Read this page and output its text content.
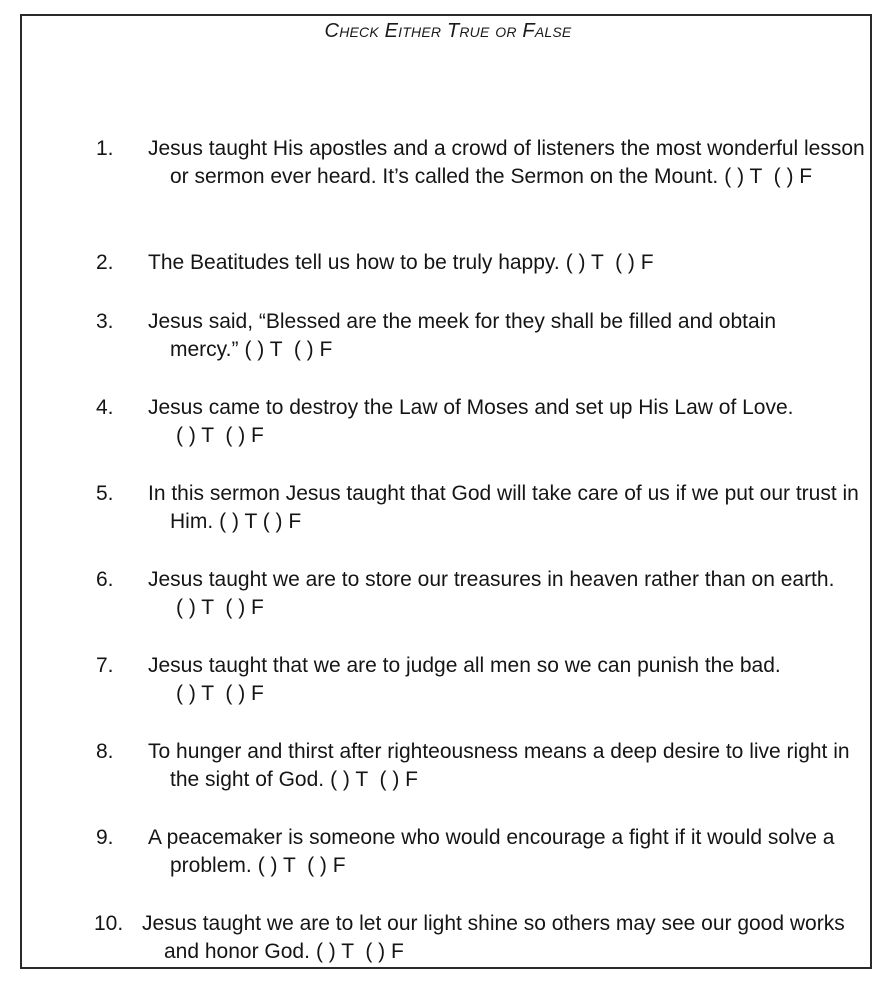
Check Either True or False
1. Jesus taught His apostles and a crowd of listeners the most wonderful lesson or sermon ever heard. It’s called the Sermon on the Mount. ( ) T  ( ) F
2. The Beatitudes tell us how to be truly happy. ( ) T  ( ) F
3. Jesus said, “Blessed are the meek for they shall be filled and obtain mercy.” ( ) T  ( ) F
4. Jesus came to destroy the Law of Moses and set up His Law of Love.( ) T  ( ) F
5. In this sermon Jesus taught that God will take care of us if we put our trust in Him. ( ) T ( ) F
6. Jesus taught we are to store our treasures in heaven rather than on earth.( ) T  ( ) F
7. Jesus taught that we are to judge all men so we can punish the bad.( ) T  ( ) F
8. To hunger and thirst after righteousness means a deep desire to live right in the sight of God. ( ) T  ( ) F
9. A peacemaker is someone who would encourage a fight if it would solve a problem. ( ) T  ( ) F
10. Jesus taught we are to let our light shine so others may see our good works and honor God. ( ) T  ( ) F
